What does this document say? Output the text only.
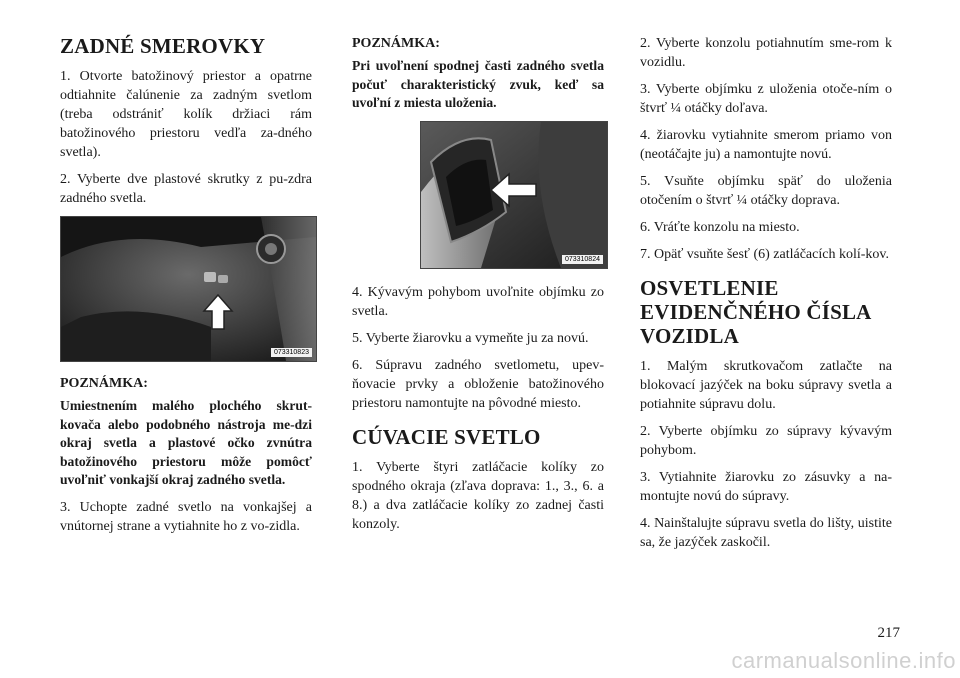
ZADNÉ SMEROVKY

1. Otvorte batožinový priestor a opatrne odtiahnite čalúnenie za zadným svetlom (treba odstrániť kolík držiaci rám batožinového priestoru vedľa za-dného svetla).

2. Vyberte dve plastové skrutky z pu-zdra zadného svetla.

073310823

POZNÁMKA:

Umiestnením malého plochého skrut-kovača alebo podobného nástroja me-dzi okraj svetla a plastové očko zvnútra batožinového priestoru môže pomôcť uvoľniť vonkajší okraj zadného svetla.

3. Uchopte zadné svetlo na vonkajšej a vnútornej strane a vytiahnite ho z vo-zidla.

POZNÁMKA:

Pri uvoľnení spodnej časti zadného svetla počuť charakteristický zvuk, keď sa uvoľní z miesta uloženia.

073310824

4. Kývavým pohybom uvoľnite objímku zo svetla.

5. Vyberte žiarovku a vymeňte ju za novú.

6. Súpravu zadného svetlometu, upev-ňovacie prvky a obloženie batožinového priestoru namontujte na pôvodné miesto.

CÚVACIE SVETLO

1. Vyberte štyri zatláčacie kolíky zo spodného okraja (zľava doprava: 1., 3., 6. a 8.) a dva zatláčacie kolíky zo zadnej časti konzoly.

2. Vyberte konzolu potiahnutím sme-rom k vozidlu.

3. Vyberte objímku z uloženia otoče-ním o štvrť ¼ otáčky doľava.

4. žiarovku vytiahnite smerom priamo von (neotáčajte ju) a namontujte novú.

5. Vsuňte objímku späť do uloženia otočením o štvrť ¼ otáčky doprava.

6. Vráťte konzolu na miesto.

7. Opäť vsuňte šesť (6) zatláčacích kolí-kov.

OSVETLENIE EVIDENČNÉHO ČÍSLA VOZIDLA

1. Malým skrutkovačom zatlačte na blokovací jazýček na boku súpravy svetla a potiahnite súpravu dolu.

2. Vyberte objímku zo súpravy kývavým pohybom.

3. Vytiahnite žiarovku zo zásuvky a na-montujte novú do súpravy.

4. Nainštalujte súpravu svetla do lišty, uistite sa, že jazýček zaskočil.

217
carmanualsonline.info
